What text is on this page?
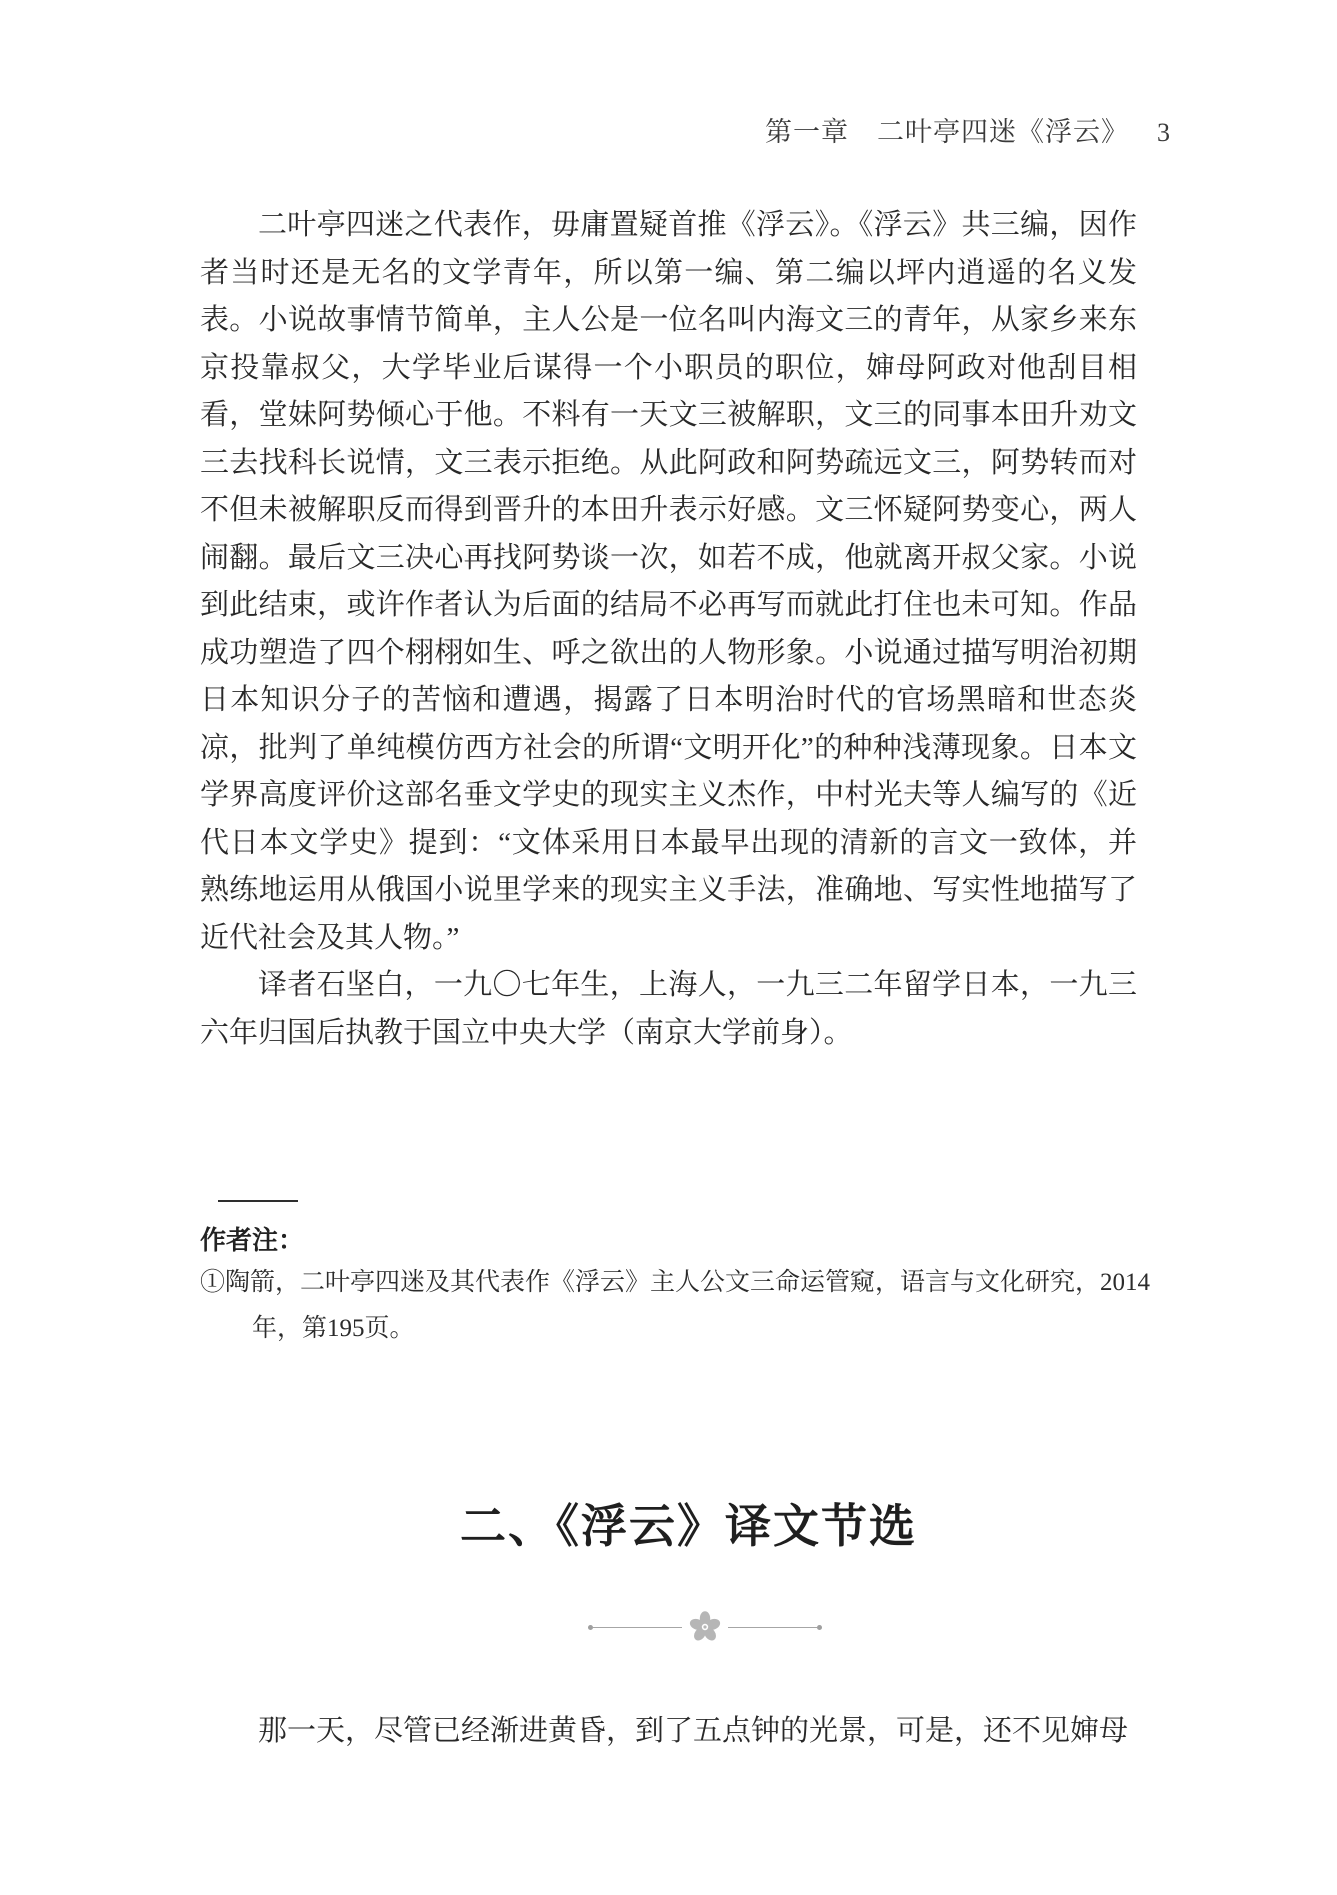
第一章　二叶亭四迷《浮云》 3

二叶亭四迷之代表作，毋庸置疑首推《浮云》。《浮云》共三编，因作者当时还是无名的文学青年，所以第一编、第二编以坪内逍遥的名义发表。小说故事情节简单，主人公是一位名叫内海文三的青年，从家乡来东京投靠叔父，大学毕业后谋得一个小职员的职位，婶母阿政对他刮目相看，堂妹阿势倾心于他。不料有一天文三被解职，文三的同事本田升劝文三去找科长说情，文三表示拒绝。从此阿政和阿势疏远文三，阿势转而对不但未被解职反而得到晋升的本田升表示好感。文三怀疑阿势变心，两人闹翻。最后文三决心再找阿势谈一次，如若不成，他就离开叔父家。小说到此结束，或许作者认为后面的结局不必再写而就此打住也未可知。作品成功塑造了四个栩栩如生、呼之欲出的人物形象。小说通过描写明治初期日本知识分子的苦恼和遭遇，揭露了日本明治时代的官场黑暗和世态炎凉，批判了单纯模仿西方社会的所谓“文明开化”的种种浅薄现象。日本文学界高度评价这部名垂文学史的现实主义杰作，中村光夫等人编写的《近代日本文学史》提到：“文体采用日本最早出现的清新的言文一致体，并熟练地运用从俄国小说里学来的现实主义手法，准确地、写实性地描写了近代社会及其人物。”

译者石坚白，一九〇七年生，上海人，一九三二年留学日本，一九三六年归国后执教于国立中央大学（南京大学前身）。

作者注：
①陶箭，二叶亭四迷及其代表作《浮云》主人公文三命运管窥，语言与文化研究，2014年，第195页。
二、《浮云》译文节选

那一天，尽管已经渐进黄昏，到了五点钟的光景，可是，还不见婶母
